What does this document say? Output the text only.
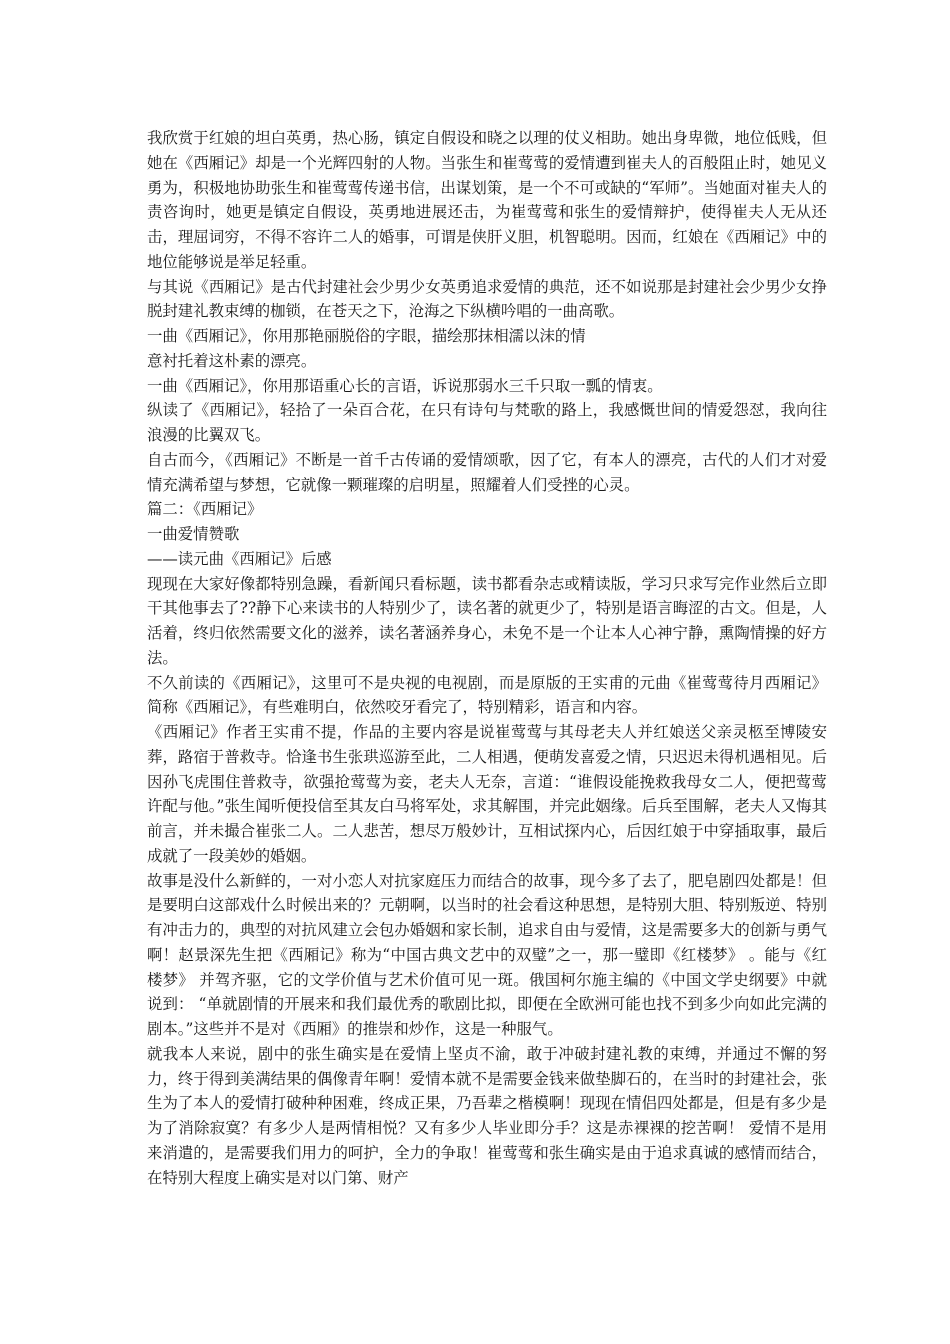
我欣赏于红娘的坦白英勇，热心肠，镇定自假设和晓之以理的仗义相助。她出身卑微，地位低贱，但她在《西厢记》却是一个光辉四射的人物。当张生和崔莺莺的爱情遭到崔夫人的百般阻止时，她见义勇为，积极地协助张生和崔莺莺传递书信，出谋划策，是一个不可或缺的“军师”。当她面对崔夫人的责咨询时，她更是镇定自假设，英勇地进展还击，为崔莺莺和张生的爱情辩护，使得崔夫人无从还击，理屈词穷，不得不容许二人的婚事，可谓是侠肝义胆，机智聪明。因而，红娘在《西厢记》中的地位能够说是举足轻重。

与其说《西厢记》是古代封建社会少男少女英勇追求爱情的典范，还不如说那是封建社会少男少女挣脱封建礼教束缚的枷锁，在苍天之下，沧海之下纵横吟唱的一曲高歌。

一曲《西厢记》，你用那艳丽脱俗的字眼，描绘那抹相濡以沫的情

意衬托着这朴素的漂亮。

一曲《西厢记》，你用那语重心长的言语，诉说那弱水三千只取一瓢的情衷。

纵读了《西厢记》，轻拾了一朵百合花，在只有诗句与梵歌的路上，我感慨世间的情爱怨怼，我向往浪漫的比翼双飞。

自古而今，《西厢记》不断是一首千古传诵的爱情颂歌，因了它，有本人的漂亮，古代的人们才对爱情充满希望与梦想，它就像一颗璀璨的启明星，照耀着人们受挫的心灵。

篇二：《西厢记》

一曲爱情赞歌

——读元曲《西厢记》后感

现现在大家好像都特别急躁，看新闻只看标题，读书都看杂志或精读版，学习只求写完作业然后立即干其他事去了??静下心来读书的人特别少了，读名著的就更少了，特别是语言晦涩的古文。但是，人活着，终归依然需要文化的滋养，读名著涵养身心，未免不是一个让本人心神宁静，熏陶情操的好方法。

不久前读的《西厢记》，这里可不是央视的电视剧，而是原版的王实甫的元曲《崔莺莺待月西厢记》简称《西厢记》，有些难明白，依然咬牙看完了，特别精彩，语言和内容。

《西厢记》作者王实甫不提，作品的主要内容是说崔莺莺与其母老夫人并红娘送父亲灵柩至博陵安葬，路宿于普救寺。恰逢书生张珙巡游至此，二人相遇，便萌发喜爱之情，只迟迟未得机遇相见。后因孙飞虎围住普救寺，欲强抢莺莺为妾，老夫人无奈，言道：“谁假设能挽救我母女二人，便把莺莺许配与他。”张生闻听便投信至其友白马将军处，求其解围，并完此姻缘。后兵至围解，老夫人又悔其前言，并未撮合崔张二人。二人悲苦，想尽万般妙计，互相试探内心，后因红娘于中穿插取事，最后成就了一段美妙的婚姻。

故事是没什么新鲜的，一对小恋人对抗家庭压力而结合的故事，现今多了去了，肥皂剧四处都是！但是要明白这部戏什么时候出来的？元朝啊，以当时的社会看这种思想，是特别大胆、特别叛逆、特别有冲击力的，典型的对抗风建立会包办婚姻和家长制，追求自由与爱情，这是需要多大的创新与勇气啊！赵景深先生把《西厢记》称为“中国古典文艺中的双璧”之一，那一璧即《红楼梦》 。能与《红楼梦》 并驾齐驱，它的文学价值与艺术价值可见一斑。俄国柯尔施主编的《中国文学史纲要》中就说到： “单就剧情的开展来和我们最优秀的歌剧比拟，即便在全欧洲可能也找不到多少向如此完满的剧本。”这些并不是对《西厢》的推崇和炒作，这是一种服气。

就我本人来说，剧中的张生确实是在爱情上坚贞不渝，敢于冲破封建礼教的束缚，并通过不懈的努力，终于得到美满结果的偶像青年啊！爱情本就不是需要金钱来做垫脚石的，在当时的封建社会，张生为了本人的爱情打破种种困难，终成正果，乃吾辈之楷模啊！现现在情侣四处都是，但是有多少是为了消除寂寞？有多少人是两情相悦？又有多少人毕业即分手？这是赤裸裸的挖苦啊！ 爱情不是用来消遣的，是需要我们用力的呵护，全力的争取！崔莺莺和张生确实是由于追求真诚的感情而结合，在特别大程度上确实是对以门第、财产
